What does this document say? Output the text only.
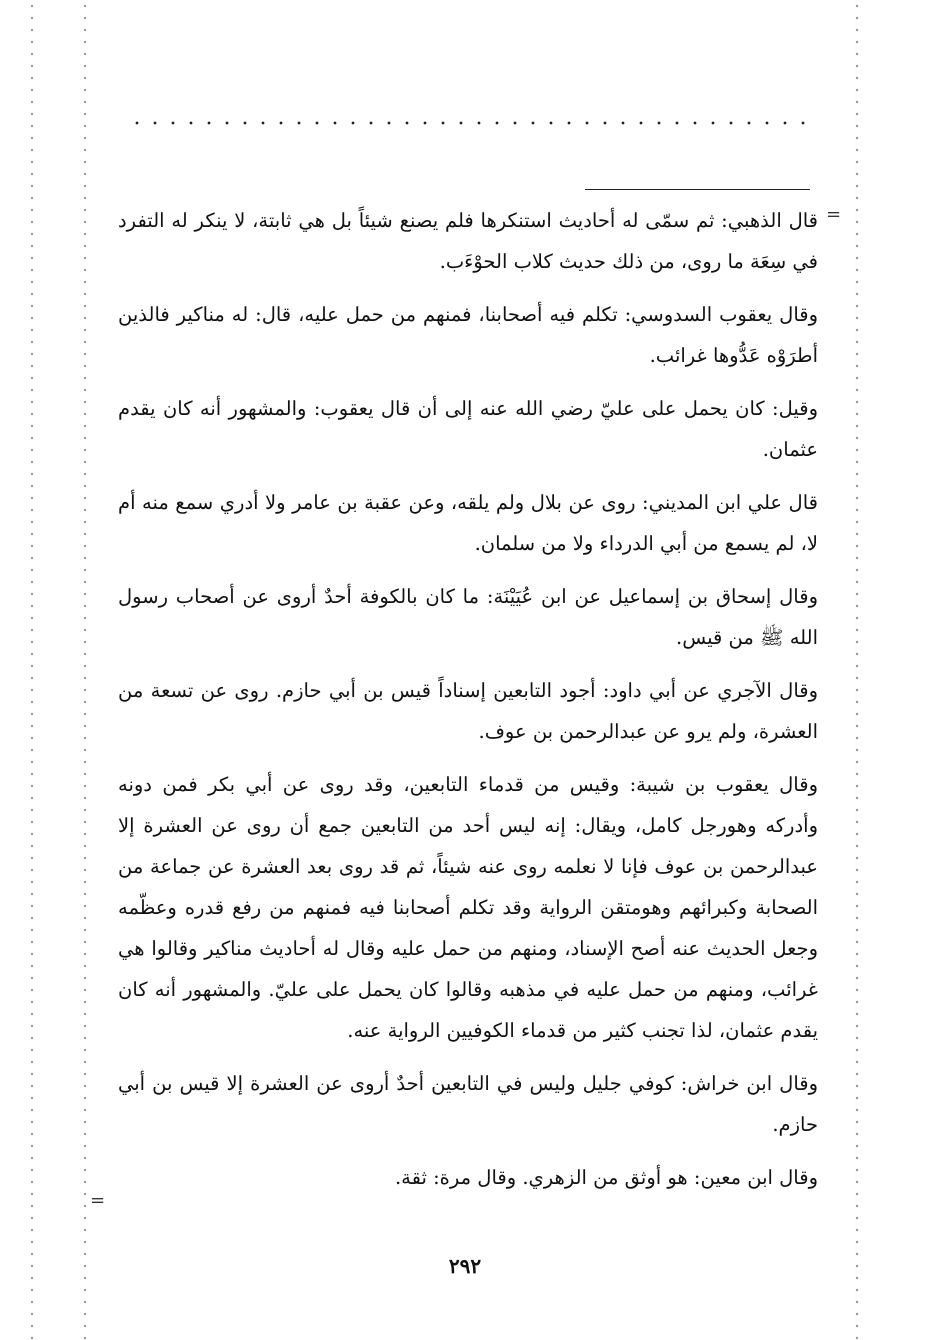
=
=

قال الذهبي: ثم سمّى له أحاديث استنكرها فلم يصنع شيئاً بل هي ثابتة، لا ينكر له التفرد في سِعَة ما روى، من ذلك حديث كلاب الحوْءَب.

وقال يعقوب السدوسي: تكلم فيه أصحابنا، فمنهم من حمل عليه، قال: له مناكير فالذين أطرَوْه عَدُّوها غرائب.

وقيل: كان يحمل على عليّ رضي الله عنه إلى أن قال يعقوب: والمشهور أنه كان يقدم عثمان.

قال علي ابن المديني: روى عن بلال ولم يلقه، وعن عقبة بن عامر ولا أدري سمع منه أم لا، لم يسمع من أبي الدرداء ولا من سلمان.

وقال إسحاق بن إسماعيل عن ابن عُيَيْنَة: ما كان بالكوفة أحدٌ أروى عن أصحاب رسول الله ﷺ من قيس.

وقال الآجري عن أبي داود: أجود التابعين إسناداً قيس بن أبي حازم. روى عن تسعة من العشرة، ولم يرو عن عبدالرحمن بن عوف.

وقال يعقوب بن شيبة: وقيس من قدماء التابعين، وقد روى عن أبي بكر فمن دونه وأدركه وهورجل كامل، ويقال: إنه ليس أحد من التابعين جمع أن روى عن العشرة إلا عبدالرحمن بن عوف فإنا لا نعلمه روى عنه شيئاً، ثم قد روى بعد العشرة عن جماعة من الصحابة وكبرائهم وهومتقن الرواية وقد تكلم أصحابنا فيه فمنهم من رفع قدره وعظّمه وجعل الحديث عنه أصح الإسناد، ومنهم من حمل عليه وقال له أحاديث مناكير وقالوا هي غرائب، ومنهم من حمل عليه في مذهبه وقالوا كان يحمل على عليّ. والمشهور أنه كان يقدم عثمان، لذا تجنب كثير من قدماء الكوفيين الرواية عنه.

وقال ابن خراش: كوفي جليل وليس في التابعين أحدٌ أروى عن العشرة إلا قيس بن أبي حازم.

وقال ابن معين: هو أوثق من الزهري. وقال مرة: ثقة.

٢٩٢
